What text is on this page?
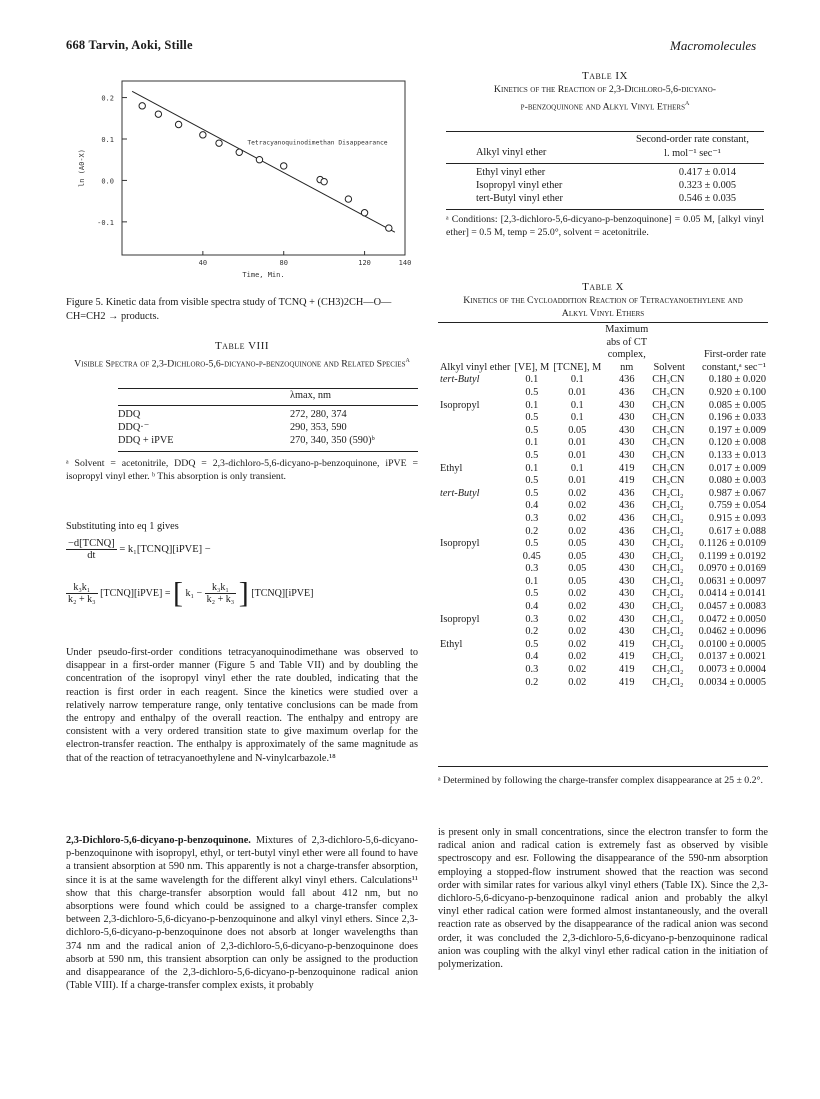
668 Tarvin, Aoki, Stille	Macromolecules
0.2
0.1
0.0
-0.1
40	80	120	140
Time, Min.
ln (A0-X)
Tetracyanoquinodimethan Disappearance
Figure 5. Kinetic data from visible spectra study of TCNQ + (CH3)2CH—O—CH=CH2 → products.
Table VIII
Visible Spectra of 2,3-Dichloro-5,6-dicyano-p-benzoquinone and Related Species$^a$
λmax, nm
DDQ	272, 280, 374
DDQ·⁻	290, 353, 590
DDQ + iPVE	270, 340, 350 (590)ᵇ
ᵃ Solvent = acetonitrile, DDQ = 2,3-dichloro-5,6-dicyano-p-benzoquinone, iPVE = isopropyl vinyl ether. ᵇ This absorption is only transient.
Substituting into eq 1 gives
$\frac{\text{−d[TCNQ]}}{dt}$ = k₁[TCNQ][iPVE] −
$\frac{\text{k₃k₁}}{\text{k₂ + k₃}}$ [TCNQ][iPVE] = [ $k_1 - \frac{\text{k₃k₁}}{\text{k₂ + k₃}}$ ] [TCNQ][iPVE]
Under pseudo-first-order conditions tetracyanoquinodimethane was observed to disappear in a first-order manner (Figure 5 and Table VII) and by doubling the concentration of the isopropyl vinyl ether the rate doubled, indicating that the reaction is first order in each reagent. Since the kinetics were studied over a relatively narrow temperature range, only tentative conclusions can be made from the entropy and enthalpy of the overall reaction. The enthalpy and entropy are consistent with a very ordered transition state to give maximum overlap for the electron-transfer reaction. The enthalpy is approximately of the same magnitude as that of the reaction of tetracyanoethylene and N-vinylcarbazole.¹⁸
2,3-Dichloro-5,6-dicyano-p-benzoquinone. Mixtures of 2,3-dichloro-5,6-dicyano-p-benzoquinone with isopropyl, ethyl, or tert-butyl vinyl ether were all found to have a transient absorption at 590 nm. This apparently is not a charge-transfer absorption, since it is at the same wavelength for the different alkyl vinyl ethers. Calculations¹¹ show that this charge-transfer absorption would fall about 412 nm, but no absorptions were found which could be assigned to a charge-transfer complex between 2,3-dichloro-5,6-dicyano-p-benzoquinone and alkyl vinyl ethers. Since 2,3-dichloro-5,6-dicyano-p-benzoquinone does not absorb at longer wavelengths than 374 nm and the radical anion of 2,3-dichloro-5,6-dicyano-p-benzoquinone does absorb at 590 nm, this transient absorption can only be assigned to the production and disappearance of the 2,3-dichloro-5,6-dicyano-p-benzoquinone radical anion (Table VIII). If a charge-transfer complex exists, it probably
Table IX
Kinetics of the Reaction of 2,3-Dichloro-5,6-dicyano-p-benzoquinone and Alkyl Vinyl Ethers$^a$
Alkyl vinyl ether
Second-order rate constant,
l. mol⁻¹ sec⁻¹
Ethyl vinyl ether	0.417 ± 0.014
Isopropyl vinyl ether	0.323 ± 0.005
tert-Butyl vinyl ether	0.546 ± 0.035
ᵃ Conditions: [2,3-dichloro-5,6-dicyano-p-benzoquinone] = 0.05 M, [alkyl vinyl ether] = 0.5 M, temp = 25.0°, solvent = acetonitrile.
Table X
Kinetics of the Cycloaddition Reaction of Tetracyanoethylene and Alkyl Vinyl Ethers
Alkyl vinyl ether	[VE], M	[TCNE], M	Maximum abs of CT complex, nm	Solvent	First-order rate constant,ᵃ sec⁻¹
tert-Butyl	0.1	0.1	436	CH₃CN	0.180 ± 0.020
	0.5	0.01	436	CH₃CN	0.920 ± 0.100
Isopropyl	0.1	0.1	430	CH₃CN	0.085 ± 0.005
	0.5	0.1	430	CH₃CN	0.196 ± 0.033
	0.5	0.05	430	CH₃CN	0.197 ± 0.009
	0.1	0.01	430	CH₃CN	0.120 ± 0.008
	0.5	0.01	430	CH₃CN	0.133 ± 0.013
Ethyl	0.1	0.1	419	CH₃CN	0.017 ± 0.009
	0.5	0.01	419	CH₃CN	0.080 ± 0.003
tert-Butyl	0.5	0.02	436	CH₂Cl₂	0.987 ± 0.067
	0.4	0.02	436	CH₂Cl₂	0.759 ± 0.054
	0.3	0.02	436	CH₂Cl₂	0.915 ± 0.093
	0.2	0.02	436	CH₂Cl₂	0.617 ± 0.088
Isopropyl	0.5	0.05	430	CH₂Cl₂	0.1126 ± 0.0109
	0.45	0.05	430	CH₂Cl₂	0.1199 ± 0.0192
	0.3	0.05	430	CH₂Cl₂	0.0970 ± 0.0169
	0.1	0.05	430	CH₂Cl₂	0.0631 ± 0.0097
	0.5	0.02	430	CH₂Cl₂	0.0414 ± 0.0141
	0.4	0.02	430	CH₂Cl₂	0.0457 ± 0.0083
Isopropyl	0.3	0.02	430	CH₂Cl₂	0.0472 ± 0.0050
	0.2	0.02	430	CH₂Cl₂	0.0462 ± 0.0096
Ethyl	0.5	0.02	419	CH₂Cl₂	0.0100 ± 0.0005
	0.4	0.02	419	CH₂Cl₂	0.0137 ± 0.0021
	0.3	0.02	419	CH₂Cl₂	0.0073 ± 0.0004
	0.2	0.02	419	CH₂Cl₂	0.0034 ± 0.0005
ᵃ Determined by following the charge-transfer complex disappearance at 25 ± 0.2°.
is present only in small concentrations, since the electron transfer to form the radical anion and radical cation is extremely fast as observed by visible spectroscopy and esr. Following the disappearance of the 590-nm absorption employing a stopped-flow instrument showed that the reaction was second order with similar rates for various alkyl vinyl ethers (Table IX). Since the 2,3-dichloro-5,6-dicyano-p-benzoquinone radical anion and probably the alkyl vinyl ether radical cation were formed almost instantaneously, and the overall reaction rate as observed by the disappearance of the radical anion was second order, it was concluded the 2,3-dichloro-5,6-dicyano-p-benzoquinone radical anion was coupling with the alkyl vinyl ether radical cation in the initiation of polymerization.
